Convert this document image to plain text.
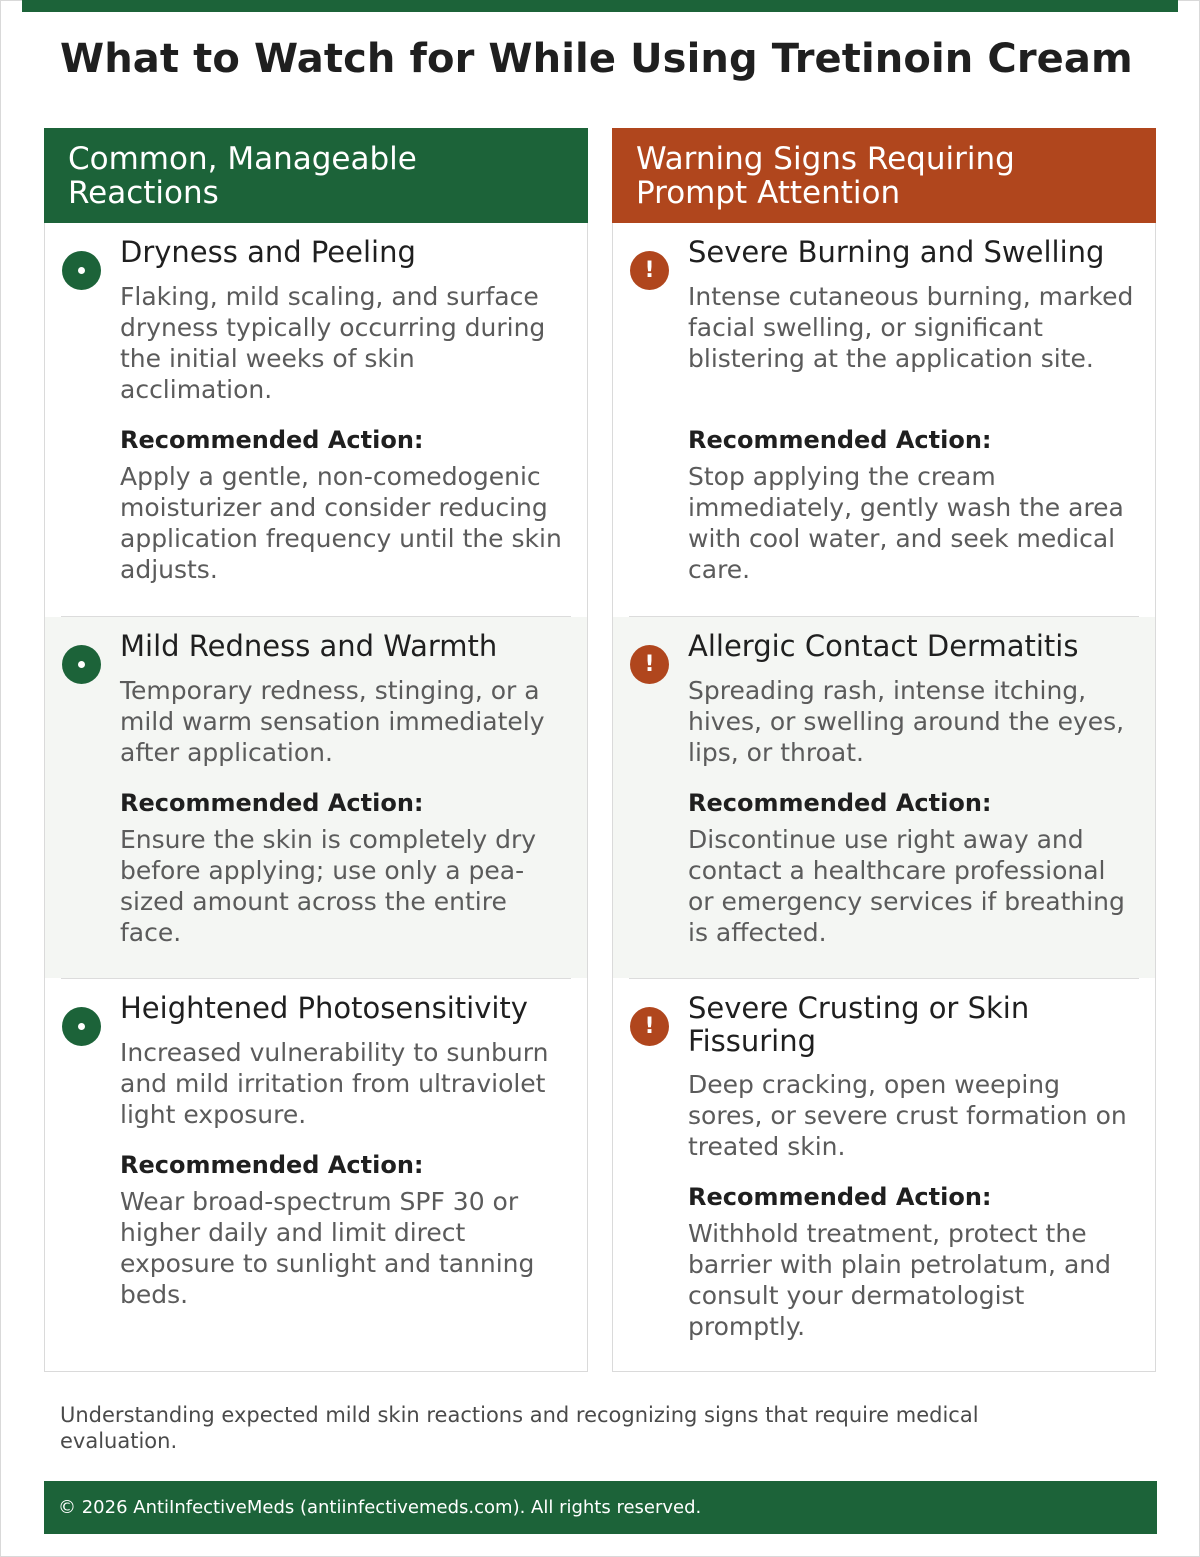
What to Watch for While Using Tretinoin Cream
Common, Manageable Reactions
Dryness and Peeling
Flaking, mild scaling, and surface dryness typically occurring during the initial weeks of skin acclimation.
Recommended Action:
Apply a gentle, non-comedogenic moisturizer and consider reducing application frequency until the skin adjusts.
Mild Redness and Warmth
Temporary redness, stinging, or a mild warm sensation immediately after application.
Recommended Action:
Ensure the skin is completely dry before applying; use only a pea-sized amount across the entire face.
Heightened Photosensitivity
Increased vulnerability to sunburn and mild irritation from ultraviolet light exposure.
Recommended Action:
Wear broad-spectrum SPF 30 or higher daily and limit direct exposure to sunlight and tanning beds.
Warning Signs Requiring Prompt Attention
!
Severe Burning and Swelling
Intense cutaneous burning, marked facial swelling, or significant blistering at the application site.
Recommended Action:
Stop applying the cream immediately, gently wash the area with cool water, and seek medical care.
!
Allergic Contact Dermatitis
Spreading rash, intense itching, hives, or swelling around the eyes, lips, or throat.
Recommended Action:
Discontinue use right away and contact a healthcare professional or emergency services if breathing is affected.
!
Severe Crusting or Skin Fissuring
Deep cracking, open weeping sores, or severe crust formation on treated skin.
Recommended Action:
Withhold treatment, protect the barrier with plain petrolatum, and consult your dermatologist promptly.
Understanding expected mild skin reactions and recognizing signs that require medical evaluation.
© 2026 AntiInfectiveMeds (antiinfectivemeds.com). All rights reserved.
